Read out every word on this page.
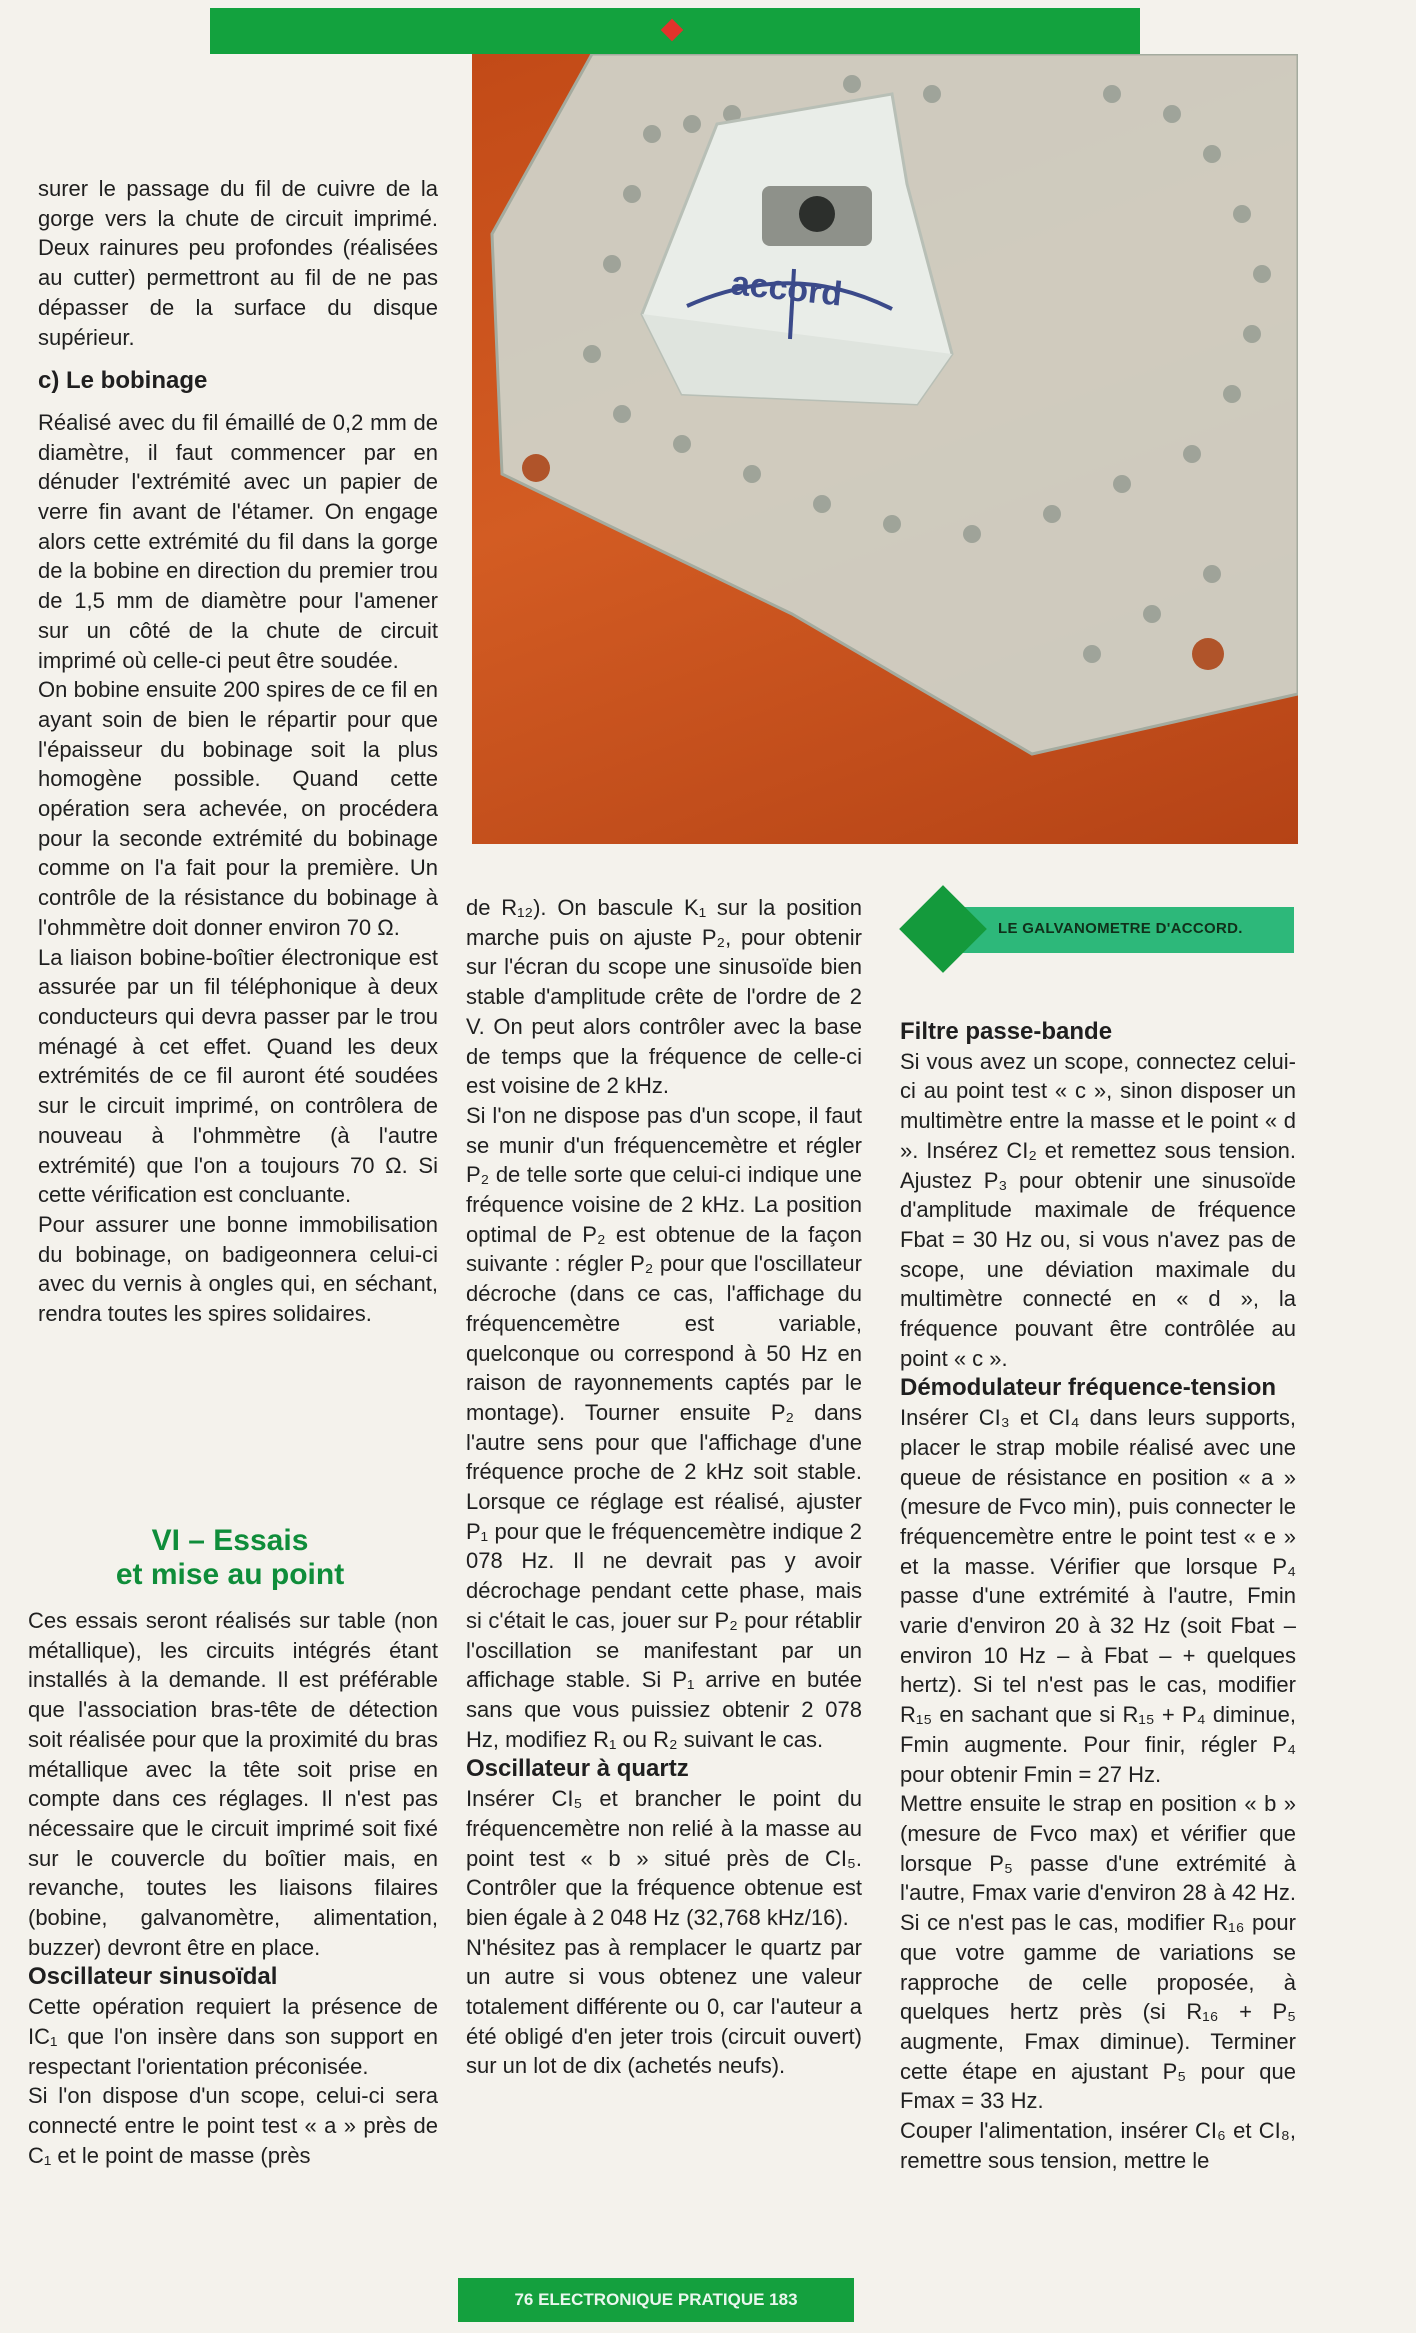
accord

surer le passage du fil de cuivre de la gorge vers la chute de circuit imprimé. Deux rainures peu profondes (réalisées au cutter) permettront au fil de ne pas dépasser de la surface du disque supérieur.

c) Le bobinage

Réalisé avec du fil émaillé de 0,2 mm de diamètre, il faut commencer par en dénuder l'extrémité avec un papier de verre fin avant de l'étamer. On engage alors cette extrémité du fil dans la gorge de la bobine en direction du premier trou de 1,5 mm de diamètre pour l'amener sur un côté de la chute de circuit imprimé où celle-ci peut être soudée.

On bobine ensuite 200 spires de ce fil en ayant soin de bien le répartir pour que l'épaisseur du bobinage soit la plus homogène possible. Quand cette opération sera achevée, on procédera pour la seconde extrémité du bobinage comme on l'a fait pour la première. Un contrôle de la résistance du bobinage à l'ohmmètre doit donner environ 70 Ω.

La liaison bobine-boîtier électronique est assurée par un fil téléphonique à deux conducteurs qui devra passer par le trou ménagé à cet effet. Quand les deux extrémités de ce fil auront été soudées sur le circuit imprimé, on contrôlera de nouveau à l'ohmmètre (à l'autre extrémité) que l'on a toujours 70 Ω. Si cette vérification est concluante.

Pour assurer une bonne immobilisation du bobinage, on badigeonnera celui-ci avec du vernis à ongles qui, en séchant, rendra toutes les spires solidaires.

VI – Essais
et mise au point

Ces essais seront réalisés sur table (non métallique), les circuits intégrés étant installés à la demande. Il est préférable que l'association bras-tête de détection soit réalisée pour que la proximité du bras métallique avec la tête soit prise en compte dans ces réglages. Il n'est pas nécessaire que le circuit imprimé soit fixé sur le couvercle du boîtier mais, en revanche, toutes les liaisons filaires (bobine, galvanomètre, alimentation, buzzer) devront être en place.

Oscillateur sinusoïdal

Cette opération requiert la présence de IC₁ que l'on insère dans son support en respectant l'orientation préconisée.

Si l'on dispose d'un scope, celui-ci sera connecté entre le point test « a » près de C₁ et le point de masse (près

de R₁₂). On bascule K₁ sur la position marche puis on ajuste P₂, pour obtenir sur l'écran du scope une sinusoïde bien stable d'amplitude crête de l'ordre de 2 V. On peut alors contrôler avec la base de temps que la fréquence de celle-ci est voisine de 2 kHz.

Si l'on ne dispose pas d'un scope, il faut se munir d'un fréquencemètre et régler P₂ de telle sorte que celui-ci indique une fréquence voisine de 2 kHz. La position optimal de P₂ est obtenue de la façon suivante : régler P₂ pour que l'oscillateur décroche (dans ce cas, l'affichage du fréquencemètre est variable, quelconque ou correspond à 50 Hz en raison de rayonnements captés par le montage). Tourner ensuite P₂ dans l'autre sens pour que l'affichage d'une fréquence proche de 2 kHz soit stable. Lorsque ce réglage est réalisé, ajuster P₁ pour que le fréquencemètre indique 2 078 Hz. Il ne devrait pas y avoir décrochage pendant cette phase, mais si c'était le cas, jouer sur P₂ pour rétablir l'oscillation se manifestant par un affichage stable. Si P₁ arrive en butée sans que vous puissiez obtenir 2 078 Hz, modifiez R₁ ou R₂ suivant le cas.

Oscillateur à quartz

Insérer CI₅ et brancher le point du fréquencemètre non relié à la masse au point test « b » situé près de CI₅. Contrôler que la fréquence obtenue est bien égale à 2 048 Hz (32,768 kHz/16).

N'hésitez pas à remplacer le quartz par un autre si vous obtenez une valeur totalement différente ou 0, car l'auteur a été obligé d'en jeter trois (circuit ouvert) sur un lot de dix (achetés neufs).

LE GALVANOMETRE D'ACCORD.

Filtre passe-bande

Si vous avez un scope, connectez celui-ci au point test « c », sinon disposer un multimètre entre la masse et le point « d ». Insérez CI₂ et remettez sous tension. Ajustez P₃ pour obtenir une sinusoïde d'amplitude maximale de fréquence Fbat = 30 Hz ou, si vous n'avez pas de scope, une déviation maximale du multimètre connecté en « d », la fréquence pouvant être contrôlée au point « c ».

Démodulateur fréquence-tension

Insérer CI₃ et CI₄ dans leurs supports, placer le strap mobile réalisé avec une queue de résistance en position « a » (mesure de Fvco min), puis connecter le fréquencemètre entre le point test « e » et la masse. Vérifier que lorsque P₄ passe d'une extrémité à l'autre, Fmin varie d'environ 20 à 32 Hz (soit Fbat – environ 10 Hz – à Fbat – + quelques hertz). Si tel n'est pas le cas, modifier R₁₅ en sachant que si R₁₅ + P₄ diminue, Fmin augmente. Pour finir, régler P₄ pour obtenir Fmin = 27 Hz.

Mettre ensuite le strap en position « b » (mesure de Fvco max) et vérifier que lorsque P₅ passe d'une extrémité à l'autre, Fmax varie d'environ 28 à 42 Hz. Si ce n'est pas le cas, modifier R₁₆ pour que votre gamme de variations se rapproche de celle proposée, à quelques hertz près (si R₁₆ + P₅ augmente, Fmax diminue). Terminer cette étape en ajustant P₅ pour que Fmax = 33 Hz.

Couper l'alimentation, insérer CI₆ et CI₈, remettre sous tension, mettre le

76 ELECTRONIQUE PRATIQUE 183
